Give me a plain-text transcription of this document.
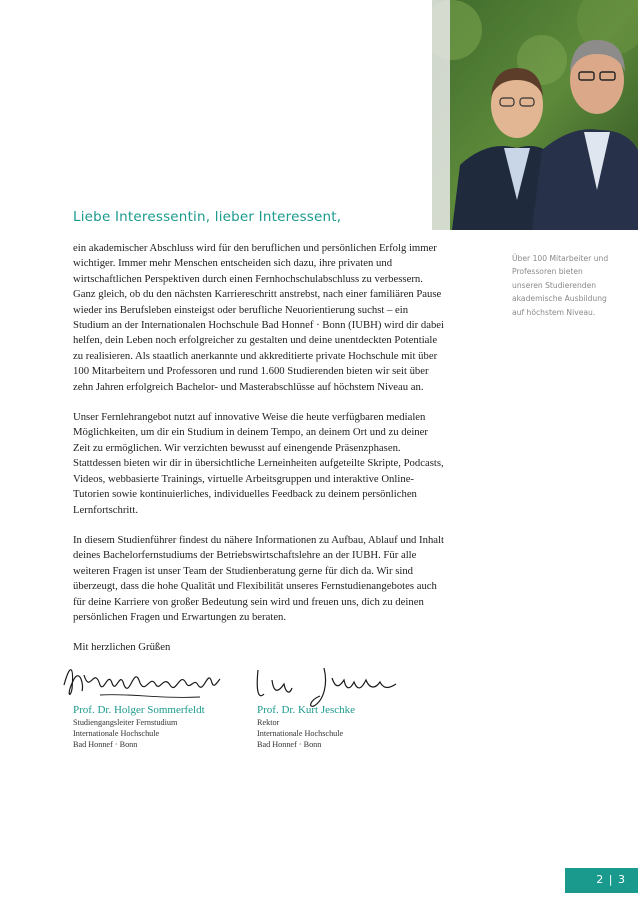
Liebe Interessentin, lieber Interessent,

ein akademischer Abschluss wird für den beruflichen und persönlichen Erfolg immer wichtiger. Immer mehr Menschen entscheiden sich dazu, ihre privaten und wirtschaftlichen Perspektiven durch einen Fernhochschulabschluss zu verbessern. Ganz gleich, ob du den nächsten Karriereschritt anstrebst, nach einer familiären Pause wieder ins Berufsleben einsteigst oder berufliche Neuorientierung suchst – ein Studium an der Internationalen Hochschule Bad Honnef · Bonn (IUBH) wird dir dabei helfen, dein Leben noch erfolgreicher zu gestalten und deine unentdeckten Potentiale zu realisieren. Als staatlich anerkannte und akkreditierte private Hochschule mit über 100 Mitarbeitern und Professoren und rund 1.600 Studierenden bieten wir seit über zehn Jahren erfolgreich Bachelor- und Masterabschlüsse auf höchstem Niveau an.

Unser Fernlehrangebot nutzt auf innovative Weise die heute verfügbaren medialen Möglichkeiten, um dir ein Studium in deinem Tempo, an deinem Ort und zu deiner Zeit zu ermöglichen. Wir verzichten bewusst auf einengende Präsenzphasen. Stattdessen bieten wir dir in übersichtliche Lerneinheiten aufgeteilte Skripte, Podcasts, Videos, webbasierte Trainings, virtuelle Arbeitsgruppen und interaktive Online-Tutorien sowie kontinuierliches, individuelles Feedback zu deinem persönlichen Lernfortschritt.

In diesem Studienführer findest du nähere Informationen zu Aufbau, Ablauf und Inhalt deines Bachelorfernstudiums der Betriebswirtschaftslehre an der IUBH. Für alle weiteren Fragen ist unser Team der Studienberatung gerne für dich da. Wir sind überzeugt, dass die hohe Qualität und Flexibilität unseres Fernstudienangebotes auch für deine Karriere von großer Bedeutung sein wird und freuen uns, dich zu deinen persönlichen Fragen und Erwartungen zu beraten.

Mit herzlichen Grüßen

Über 100 Mitarbeiter und Professoren bieten unseren Studierenden akademische Ausbildung auf höchstem Niveau.
Prof. Dr. Holger Sommerfeldt
Studiengangsleiter Fernstudium
Internationale Hochschule
Bad Honnef · Bonn
Prof. Dr. Kurt Jeschke
Rektor
Internationale Hochschule
Bad Honnef · Bonn
2 | 3
